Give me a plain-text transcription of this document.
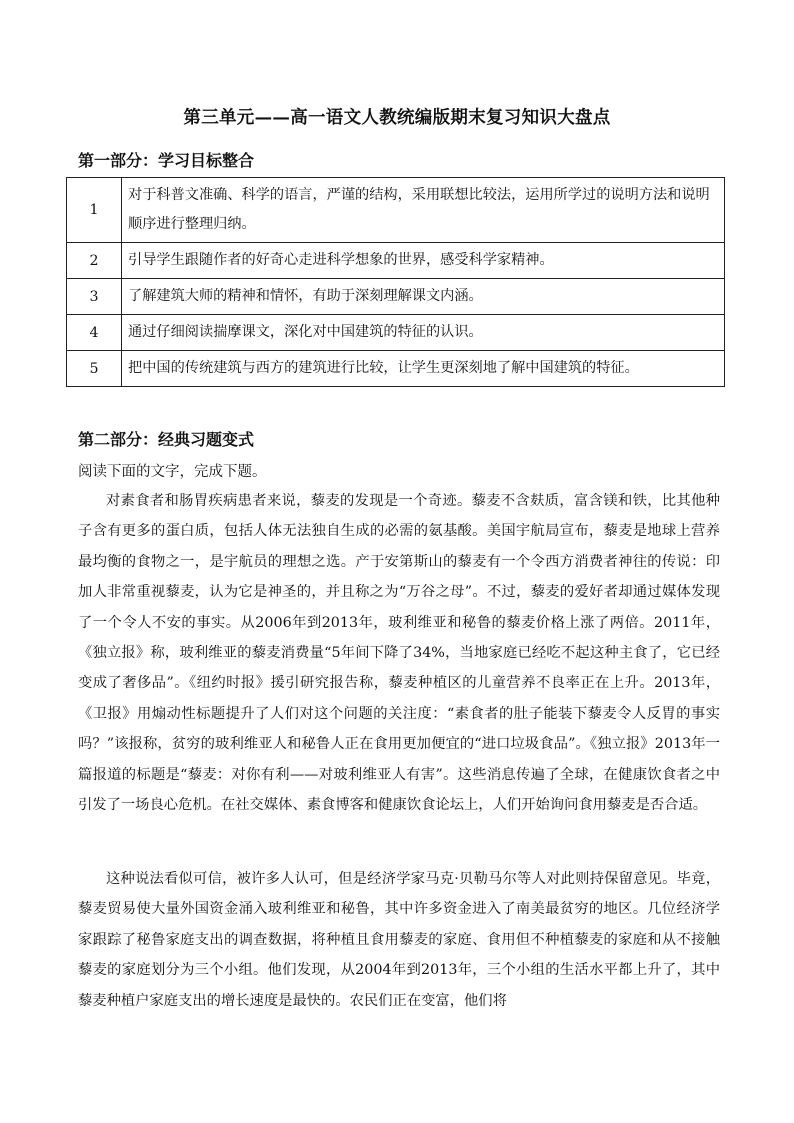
第三单元——高一语文人教统编版期末复习知识大盘点
第一部分：学习目标整合
1	对于科普文准确、科学的语言，严谨的结构，采用联想比较法，运用所学过的说明方法和说明顺序进行整理归纳。
2	引导学生跟随作者的好奇心走进科学想象的世界，感受科学家精神。
3	了解建筑大师的精神和情怀，有助于深刻理解课文内涵。
4	通过仔细阅读揣摩课文，深化对中国建筑的特征的认识。
5	把中国的传统建筑与西方的建筑进行比较，让学生更深刻地了解中国建筑的特征。
第二部分：经典习题变式
阅读下面的文字，完成下题。

对素食者和肠胃疾病患者来说，藜麦的发现是一个奇迹。藜麦不含麸质，富含镁和铁，比其他种子含有更多的蛋白质，包括人体无法独自生成的必需的氨基酸。美国宇航局宣布，藜麦是地球上营养最均衡的食物之一，是宇航员的理想之选。产于安第斯山的藜麦有一个令西方消费者神往的传说：印加人非常重视藜麦，认为它是神圣的，并且称之为“万谷之母”。不过，藜麦的爱好者却通过媒体发现了一个令人不安的事实。从2006年到2013年，玻利维亚和秘鲁的藜麦价格上涨了两倍。2011年，《独立报》称，玻利维亚的藜麦消费量“5年间下降了34%，当地家庭已经吃不起这种主食了，它已经变成了奢侈品”。《纽约时报》援引研究报告称，藜麦种植区的儿童营养不良率正在上升。2013年，《卫报》用煽动性标题提升了人们对这个问题的关注度：“素食者的肚子能装下藜麦令人反胃的事实吗？”该报称，贫穷的玻利维亚人和秘鲁人正在食用更加便宜的“进口垃圾食品”。《独立报》2013年一篇报道的标题是“藜麦：对你有利——对玻利维亚人有害”。这些消息传遍了全球，在健康饮食者之中引发了一场良心危机。在社交媒体、素食博客和健康饮食论坛上，人们开始询问食用藜麦是否合适。

这种说法看似可信，被许多人认可，但是经济学家马克·贝勒马尔等人对此则持保留意见。毕竟，藜麦贸易使大量外国资金涌入玻利维亚和秘鲁，其中许多资金进入了南美最贫穷的地区。几位经济学家跟踪了秘鲁家庭支出的调查数据，将种植且食用藜麦的家庭、食用但不种植藜麦的家庭和从不接触藜麦的家庭划分为三个小组。他们发现，从2004年到2013年，三个小组的生活水平都上升了，其中藜麦种植户家庭支出的增长速度是最快的。农民们正在变富，他们将
